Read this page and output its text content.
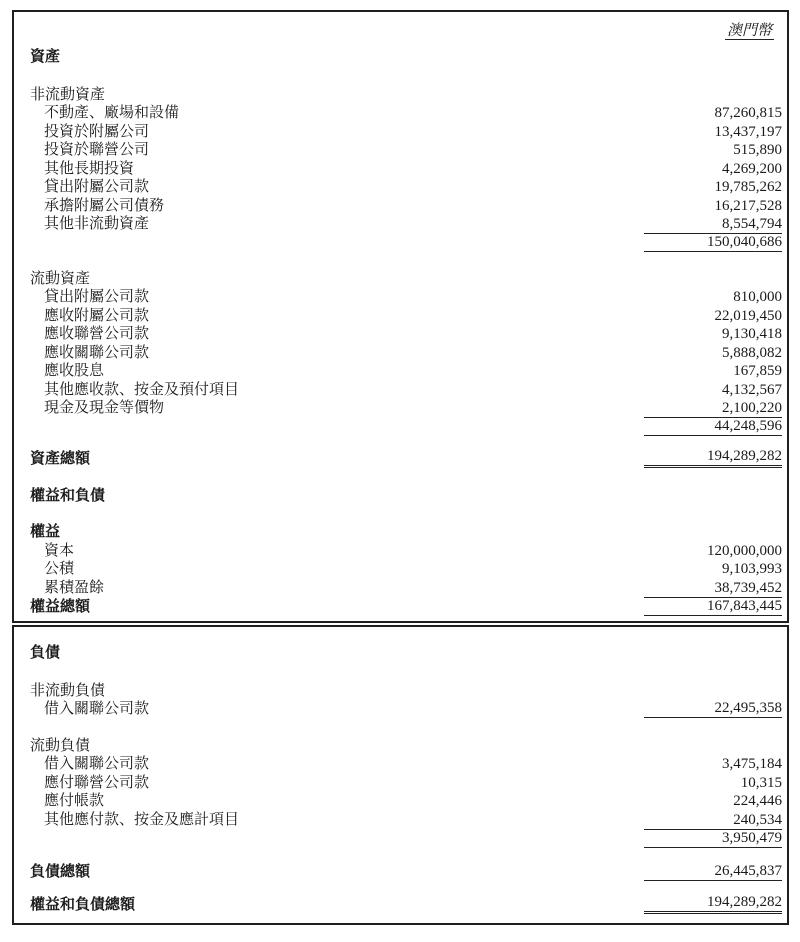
澳門幣
資產
非流動資產
不動產、廠場和設備	87,260,815
投資於附屬公司	13,437,197
投資於聯營公司	515,890
其他長期投資	4,269,200
貸出附屬公司款	19,785,262
承擔附屬公司債務	16,217,528
其他非流動資產	8,554,794
150,040,686
流動資產
貸出附屬公司款	810,000
應收附屬公司款	22,019,450
應收聯營公司款	9,130,418
應收關聯公司款	5,888,082
應收股息	167,859
其他應收款、按金及預付項目	4,132,567
現金及現金等價物	2,100,220
44,248,596
資產總額	194,289,282
權益和負債
權益
資本	120,000,000
公積	9,103,993
累積盈餘	38,739,452
權益總額	167,843,445
負債
非流動負債
借入關聯公司款	22,495,358
流動負債
借入關聯公司款	3,475,184
應付聯營公司款	10,315
應付帳款	224,446
其他應付款、按金及應計項目	240,534
3,950,479
負債總額	26,445,837
權益和負債總額	194,289,282
